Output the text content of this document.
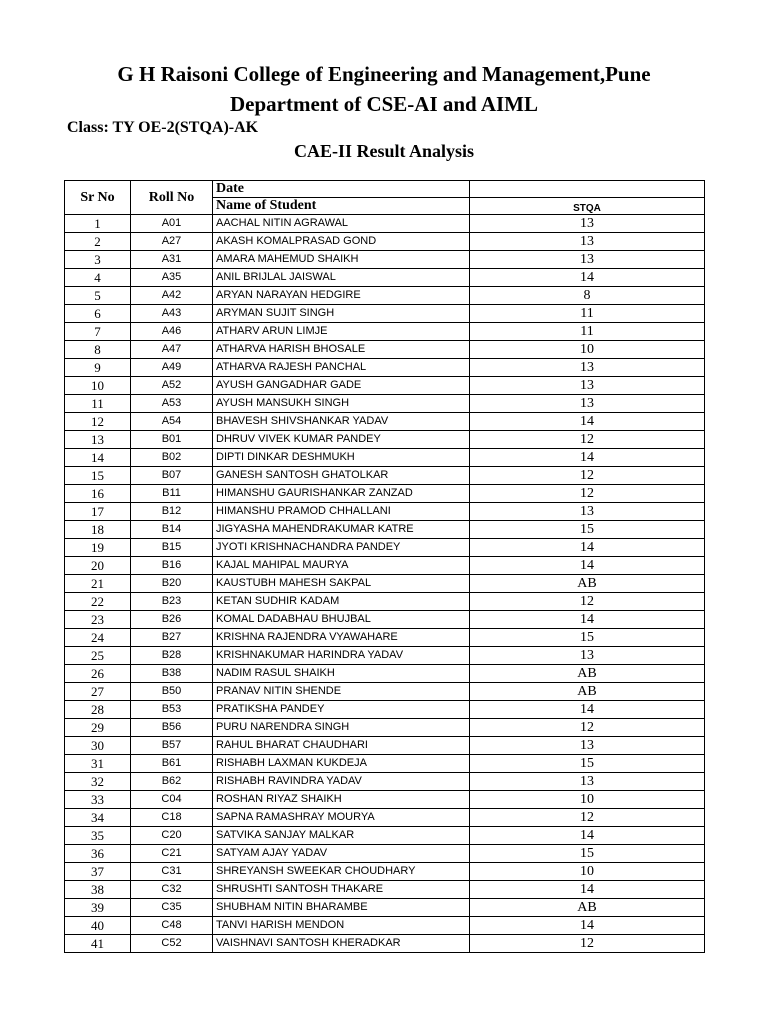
G H Raisoni College of Engineering and Management,Pune
Department of CSE-AI and AIML
Class: TY OE-2(STQA)-AK
CAE-II Result Analysis
Sr No	Roll No	Date	
		Name of Student	STQA
1	A01	AACHAL NITIN AGRAWAL	13
2	A27	AKASH KOMALPRASAD GOND	13
3	A31	AMARA MAHEMUD SHAIKH	13
4	A35	ANIL BRIJLAL JAISWAL	14
5	A42	ARYAN NARAYAN HEDGIRE	8
6	A43	ARYMAN SUJIT SINGH	11
7	A46	ATHARV ARUN LIMJE	11
8	A47	ATHARVA HARISH BHOSALE	10
9	A49	ATHARVA RAJESH PANCHAL	13
10	A52	AYUSH GANGADHAR GADE	13
11	A53	AYUSH MANSUKH SINGH	13
12	A54	BHAVESH SHIVSHANKAR YADAV	14
13	B01	DHRUV VIVEK KUMAR PANDEY	12
14	B02	DIPTI DINKAR DESHMUKH	14
15	B07	GANESH SANTOSH GHATOLKAR	12
16	B11	HIMANSHU GAURISHANKAR ZANZAD	12
17	B12	HIMANSHU PRAMOD CHHALLANI	13
18	B14	JIGYASHA MAHENDRAKUMAR KATRE	15
19	B15	JYOTI KRISHNACHANDRA PANDEY	14
20	B16	KAJAL MAHIPAL MAURYA	14
21	B20	KAUSTUBH MAHESH SAKPAL	AB
22	B23	KETAN SUDHIR KADAM	12
23	B26	KOMAL DADABHAU BHUJBAL	14
24	B27	KRISHNA RAJENDRA VYAWAHARE	15
25	B28	KRISHNAKUMAR HARINDRA YADAV	13
26	B38	NADIM RASUL SHAIKH	AB
27	B50	PRANAV NITIN SHENDE	AB
28	B53	PRATIKSHA PANDEY	14
29	B56	PURU NARENDRA SINGH	12
30	B57	RAHUL BHARAT CHAUDHARI	13
31	B61	RISHABH LAXMAN KUKDEJA	15
32	B62	RISHABH RAVINDRA YADAV	13
33	C04	ROSHAN RIYAZ SHAIKH	10
34	C18	SAPNA RAMASHRAY MOURYA	12
35	C20	SATVIKA SANJAY MALKAR	14
36	C21	SATYAM AJAY YADAV	15
37	C31	SHREYANSH SWEEKAR CHOUDHARY	10
38	C32	SHRUSHTI SANTOSH THAKARE	14
39	C35	SHUBHAM NITIN BHARAMBE	AB
40	C48	TANVI HARISH MENDON	14
41	C52	VAISHNAVI SANTOSH KHERADKAR	12
